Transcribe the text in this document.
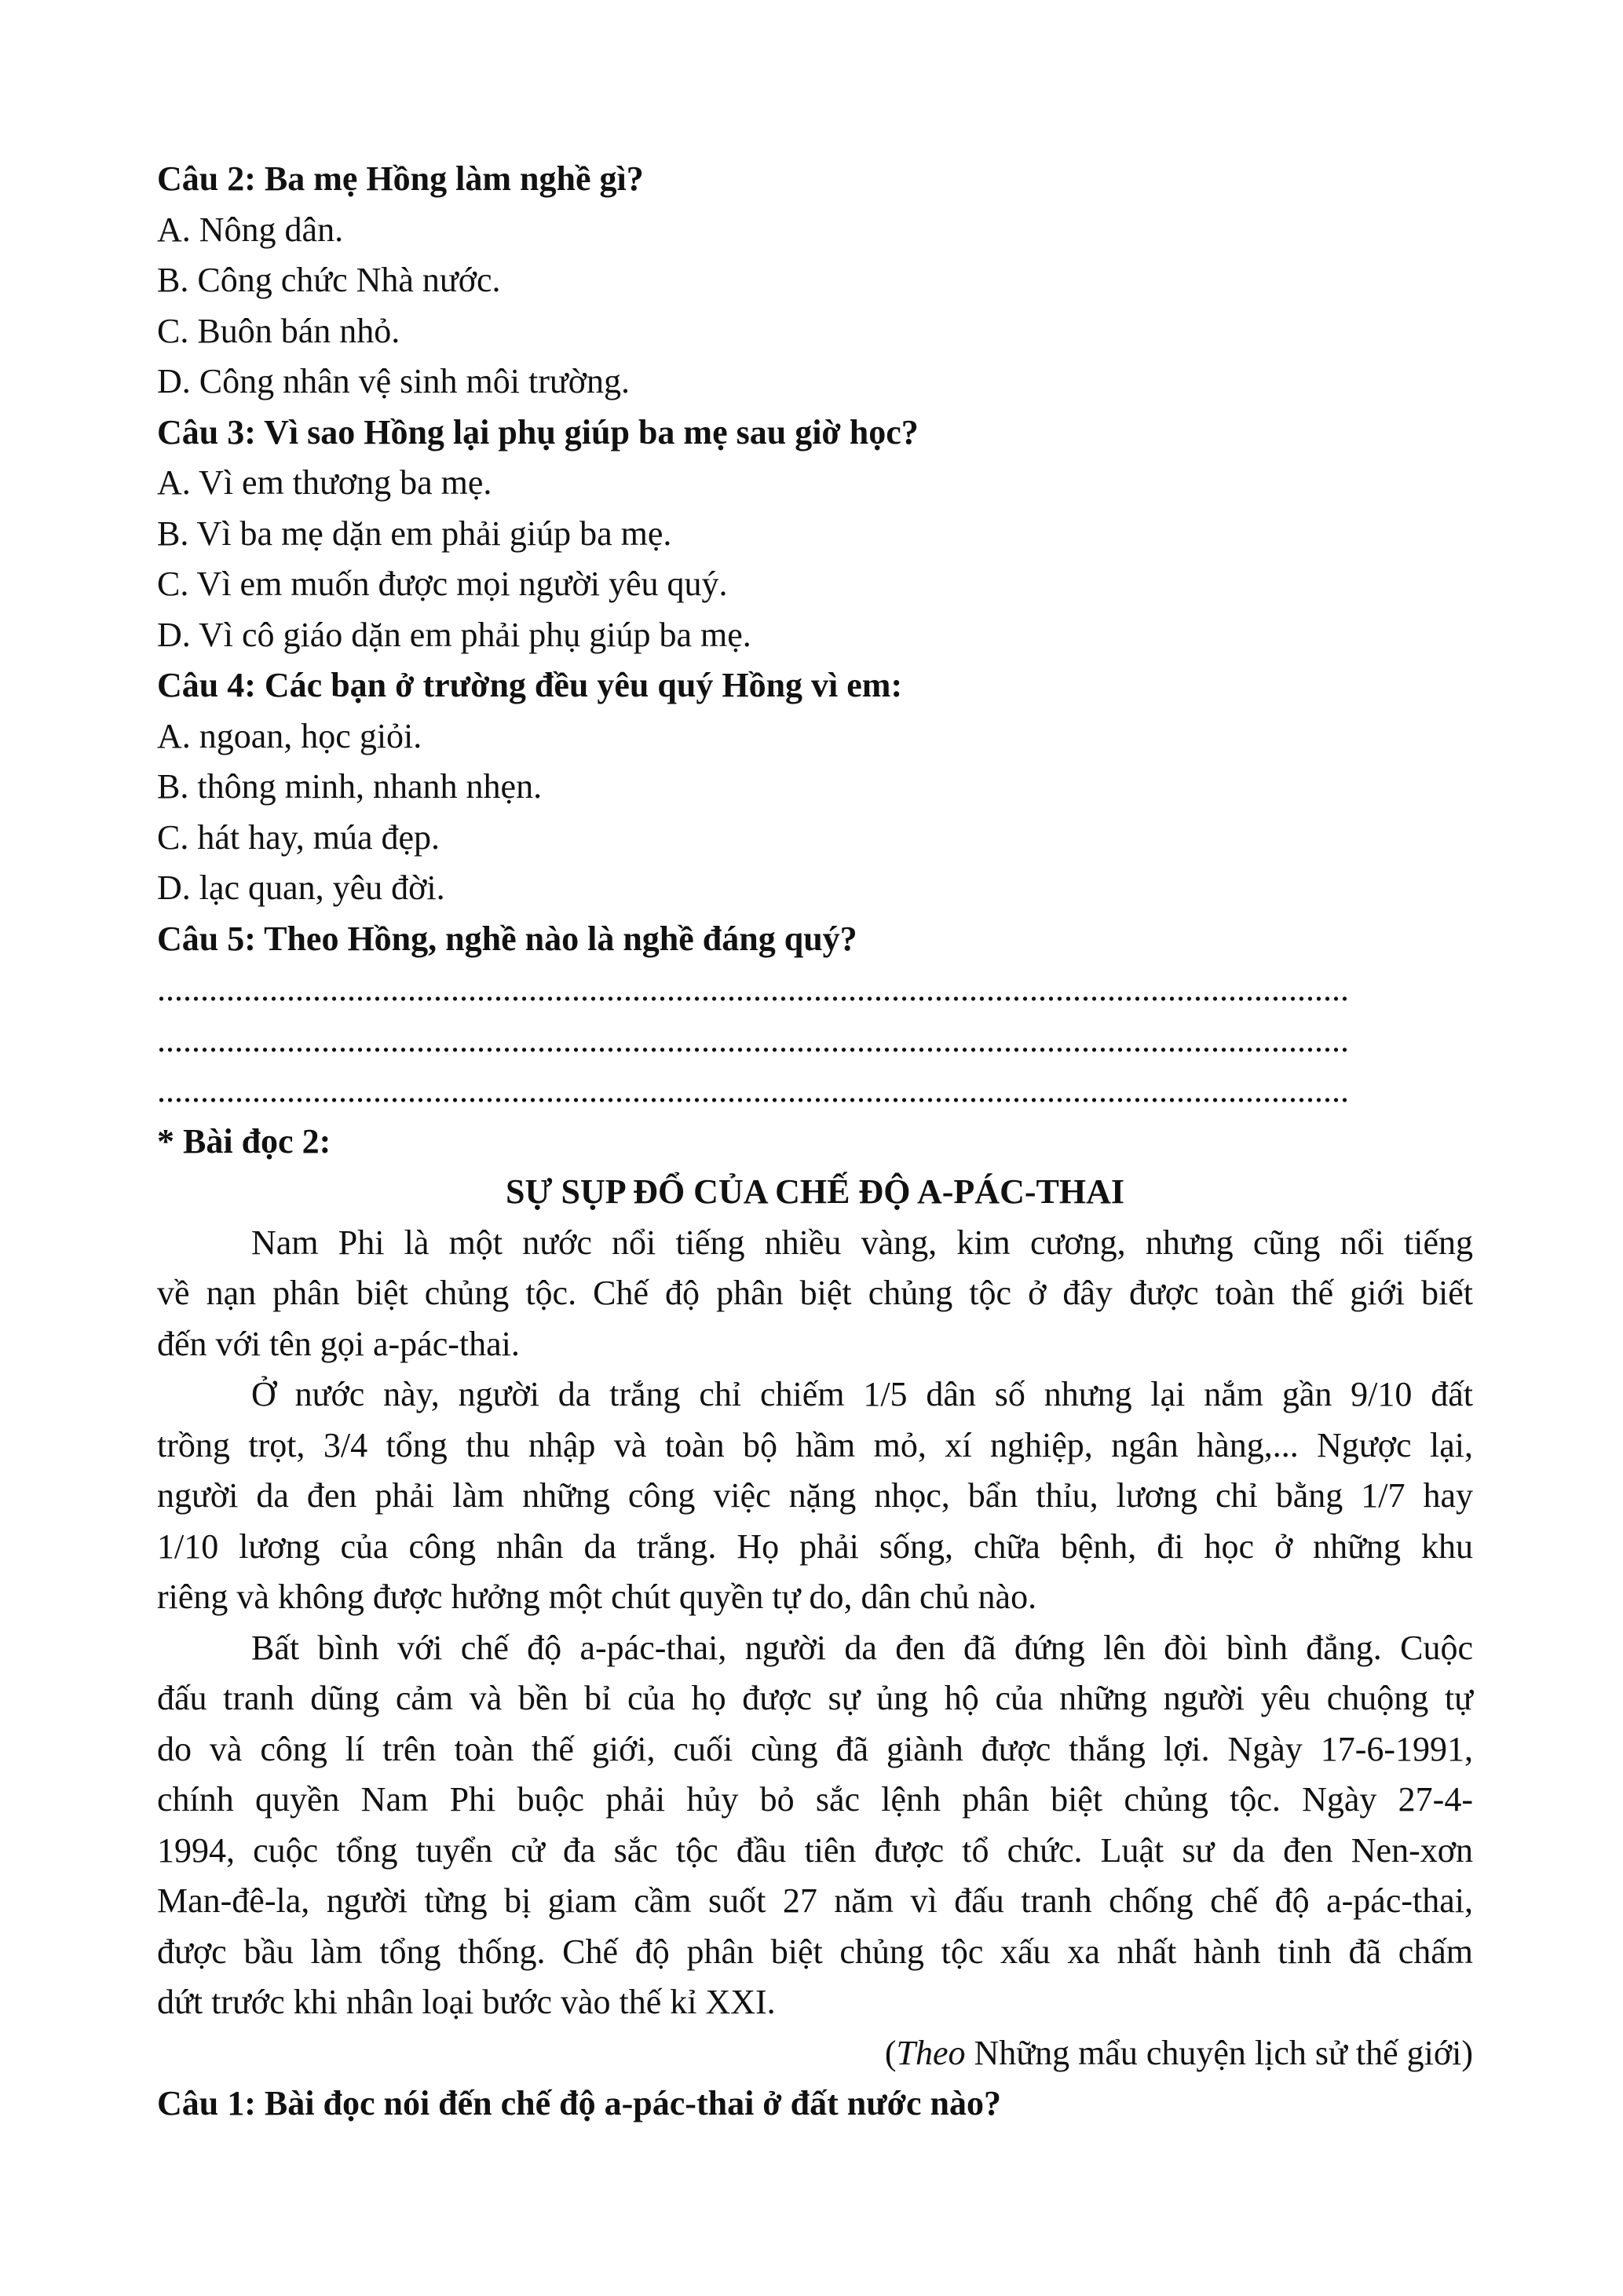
Câu 2: Ba mẹ Hồng làm nghề gì?
A. Nông dân.
B. Công chức Nhà nước.
C. Buôn bán nhỏ.
D. Công nhân vệ sinh môi trường.
Câu 3: Vì sao Hồng lại phụ giúp ba mẹ sau giờ học?
A. Vì em thương ba mẹ.
B. Vì ba mẹ dặn em phải giúp ba mẹ.
C. Vì em muốn được mọi người yêu quý.
D. Vì cô giáo dặn em phải phụ giúp ba mẹ.
Câu 4: Các bạn ở trường đều yêu quý Hồng vì em:
A. ngoan, học giỏi.
B. thông minh, nhanh nhẹn.
C. hát hay, múa đẹp.
D. lạc quan, yêu đời.
Câu 5: Theo Hồng, nghề nào là nghề đáng quý?
..........................................................................................................................................
..........................................................................................................................................
..........................................................................................................................................
* Bài đọc 2:
SỰ SỤP ĐỔ CỦA CHẾ ĐỘ A-PÁC-THAI
Nam Phi là một nước nổi tiếng nhiều vàng, kim cương, nhưng cũng nổi tiếng
về nạn phân biệt chủng tộc. Chế độ phân biệt chủng tộc ở đây được toàn thế giới biết
đến với tên gọi a-pác-thai.
Ở nước này, người da trắng chỉ chiếm 1/5 dân số nhưng lại nắm gần 9/10 đất
trồng trọt, 3/4 tổng thu nhập và toàn bộ hầm mỏ, xí nghiệp, ngân hàng,... Ngược lại,
người da đen phải làm những công việc nặng nhọc, bẩn thỉu, lương chỉ bằng 1/7 hay
1/10 lương của công nhân da trắng. Họ phải sống, chữa bệnh, đi học ở những khu
riêng và không được hưởng một chút quyền tự do, dân chủ nào.
Bất bình với chế độ a-pác-thai, người da đen đã đứng lên đòi bình đẳng. Cuộc
đấu tranh dũng cảm và bền bỉ của họ được sự ủng hộ của những người yêu chuộng tự
do và công lí trên toàn thế giới, cuối cùng đã giành được thắng lợi. Ngày 17-6-1991,
chính quyền Nam Phi buộc phải hủy bỏ sắc lệnh phân biệt chủng tộc. Ngày 27-4-
1994, cuộc tổng tuyển cử đa sắc tộc đầu tiên được tổ chức. Luật sư da đen Nen-xơn
Man-đê-la, người từng bị giam cầm suốt 27 năm vì đấu tranh chống chế độ a-pác-thai,
được bầu làm tổng thống. Chế độ phân biệt chủng tộc xấu xa nhất hành tinh đã chấm
dứt trước khi nhân loại bước vào thế kỉ XXI.
(Theo Những mẩu chuyện lịch sử thế giới)
Câu 1: Bài đọc nói đến chế độ a-pác-thai ở đất nước nào?
